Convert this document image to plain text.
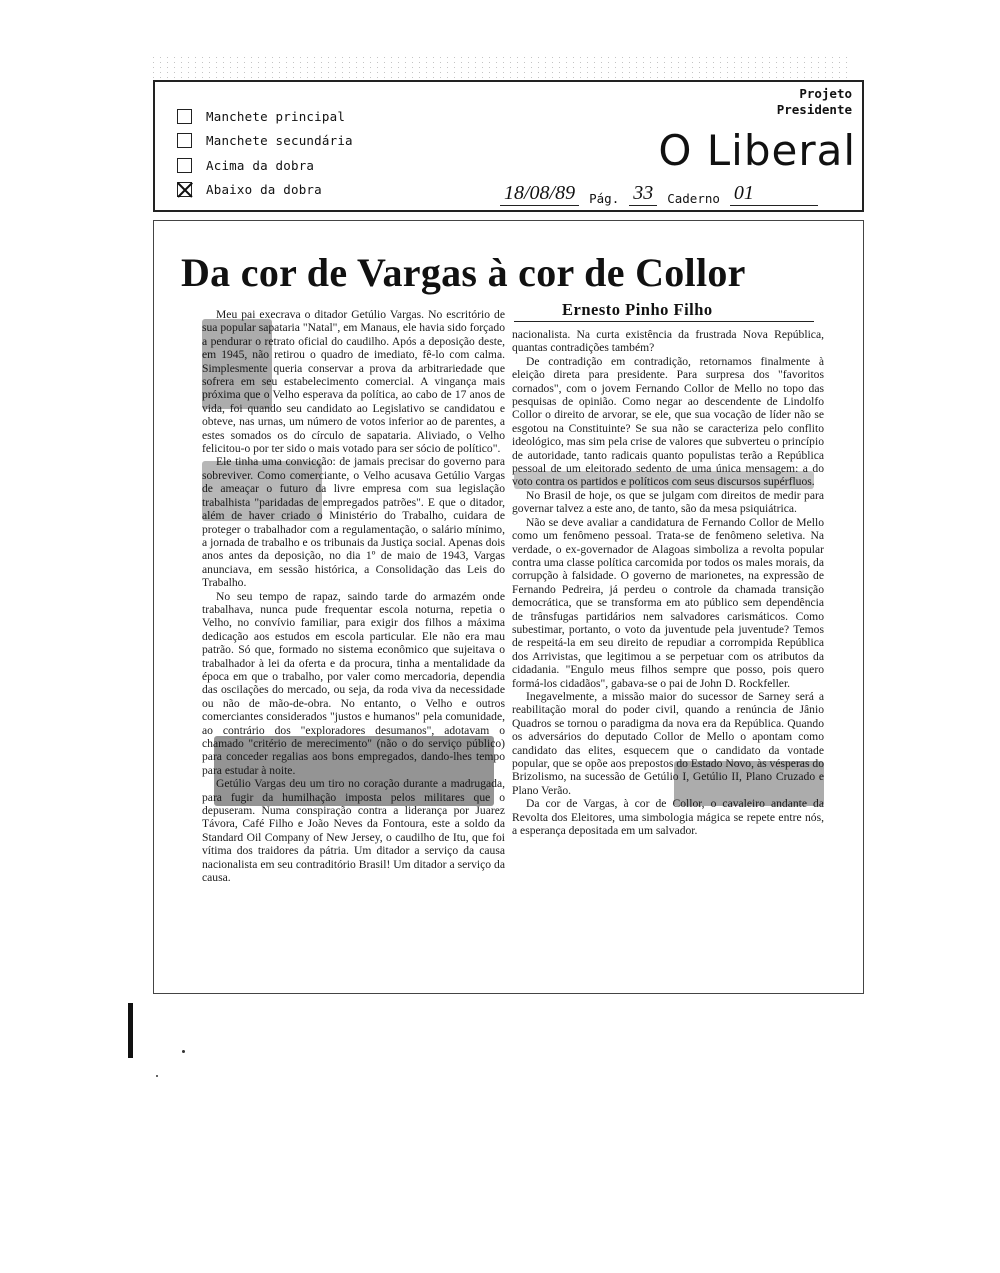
Manchete principal
Manchete secundária
Acima da dobra
Abaixo da dobra
Projeto
Presidente
O Liberal
18/08/89	Pág. 33	Caderno 01
Da cor de Vargas à cor de Collor
Ernesto Pinho Filho

Meu pai execrava o ditador Getúlio Vargas. No escritório de sua popular sapataria "Natal", em Manaus, ele havia sido forçado a pendurar o retrato oficial do caudilho. Após a deposição deste, em 1945, não retirou o quadro de imediato, fê-lo com calma. Simplesmente queria conservar a prova da arbitrariedade que sofrera em seu estabelecimento comercial. A vingança mais próxima que o Velho esperava da política, ao cabo de 17 anos de vida, foi quando seu candidato ao Legislativo se candidatou e obteve, nas urnas, um número de votos inferior ao de parentes, a estes somados os do círculo de sapataria. Aliviado, o Velho felicitou-o por ter sido o mais votado para ser sócio de político".

Ele tinha uma convicção: de jamais precisar do governo para sobreviver. Como comerciante, o Velho acusava Getúlio Vargas de ameaçar o futuro da livre empresa com sua legislação trabalhista "paridadas de empregados patrões". E que o ditador, além de haver criado o Ministério do Trabalho, cuidara de proteger o trabalhador com a regulamentação, o salário mínimo, a jornada de trabalho e os tribunais da Justiça social. Apenas dois anos antes da deposição, no dia 1º de maio de 1943, Vargas anunciava, em sessão histórica, a Consolidação das Leis do Trabalho.

No seu tempo de rapaz, saindo tarde do armazém onde trabalhava, nunca pude frequentar escola noturna, repetia o Velho, no convívio familiar, para exigir dos filhos a máxima dedicação aos estudos em escola particular. Ele não era mau patrão. Só que, formado no sistema econômico que sujeitava o trabalhador à lei da oferta e da procura, tinha a mentalidade da época em que o trabalho, por valer como mercadoria, dependia das oscilações do mercado, ou seja, da roda viva da necessidade ou não de mão-de-obra. No entanto, o Velho e outros comerciantes considerados "justos e humanos" pela comunidade, ao contrário dos "exploradores desumanos", adotavam o chamado "critério de merecimento" (não o do serviço público) para conceder regalias aos bons empregados, dando-lhes tempo para estudar à noite.

Getúlio Vargas deu um tiro no coração durante a madrugada, para fugir da humilhação imposta pelos militares que o depuseram. Numa conspiração contra a liderança por Juarez Távora, Café Filho e João Neves da Fontoura, este a soldo da Standard Oil Company of New Jersey, o caudilho de Itu, que foi vítima dos traidores da pátria. Um ditador a serviço da causa nacionalista em seu contraditório Brasil! Um ditador a serviço da causa.

nacionalista. Na curta existência da frustrada Nova República, quantas contradições também?

De contradição em contradição, retornamos finalmente à eleição direta para presidente. Para surpresa dos "favoritos cornados", com o jovem Fernando Collor de Mello no topo das pesquisas de opinião. Como negar ao descendente de Lindolfo Collor o direito de arvorar, se ele, que sua vocação de líder não se esgotou na Constituinte? Se sua não se caracteriza pelo conflito ideológico, mas sim pela crise de valores que subverteu o princípio de autoridade, tanto radicais quanto populistas terão a República pessoal de um eleitorado sedento de uma única mensagem: a do voto contra os partidos e políticos com seus discursos supérfluos.

No Brasil de hoje, os que se julgam com direitos de medir para governar talvez a este ano, de tanto, são da mesa psiquiátrica.

Não se deve avaliar a candidatura de Fernando Collor de Mello como um fenômeno pessoal. Trata-se de fenômeno seletiva. Na verdade, o ex-governador de Alagoas simboliza a revolta popular contra uma classe política carcomida por todos os males morais, da corrupção à falsidade. O governo de marionetes, na expressão de Fernando Pedreira, já perdeu o controle da chamada transição democrática, que se transforma em ato público sem dependência de trânsfugas partidários nem salvadores carismáticos. Como subestimar, portanto, o voto da juventude pela juventude? Temos de respeitá-la em seu direito de repudiar a corrompida República dos Arrivistas, que legitimou a se perpetuar com os atributos da cidadania. "Engulo meus filhos sempre que posso, pois quero formá-los cidadãos", gabava-se o pai de John D. Rockfeller.

Inegavelmente, a missão maior do sucessor de Sarney será a reabilitação moral do poder civil, quando a renúncia de Jânio Quadros se tornou o paradigma da nova era da República. Quando os adversários do deputado Collor de Mello o apontam como candidato das elites, esquecem que o candidato da vontade popular, que se opõe aos prepostos do Estado Novo, às vésperas do Brizolismo, na sucessão de Getúlio I, Getúlio II, Plano Cruzado e Plano Verão.

Da cor de Vargas, à cor de Collor, o cavaleiro andante da Revolta dos Eleitores, uma simbologia mágica se repete entre nós, a esperança depositada em um salvador.
